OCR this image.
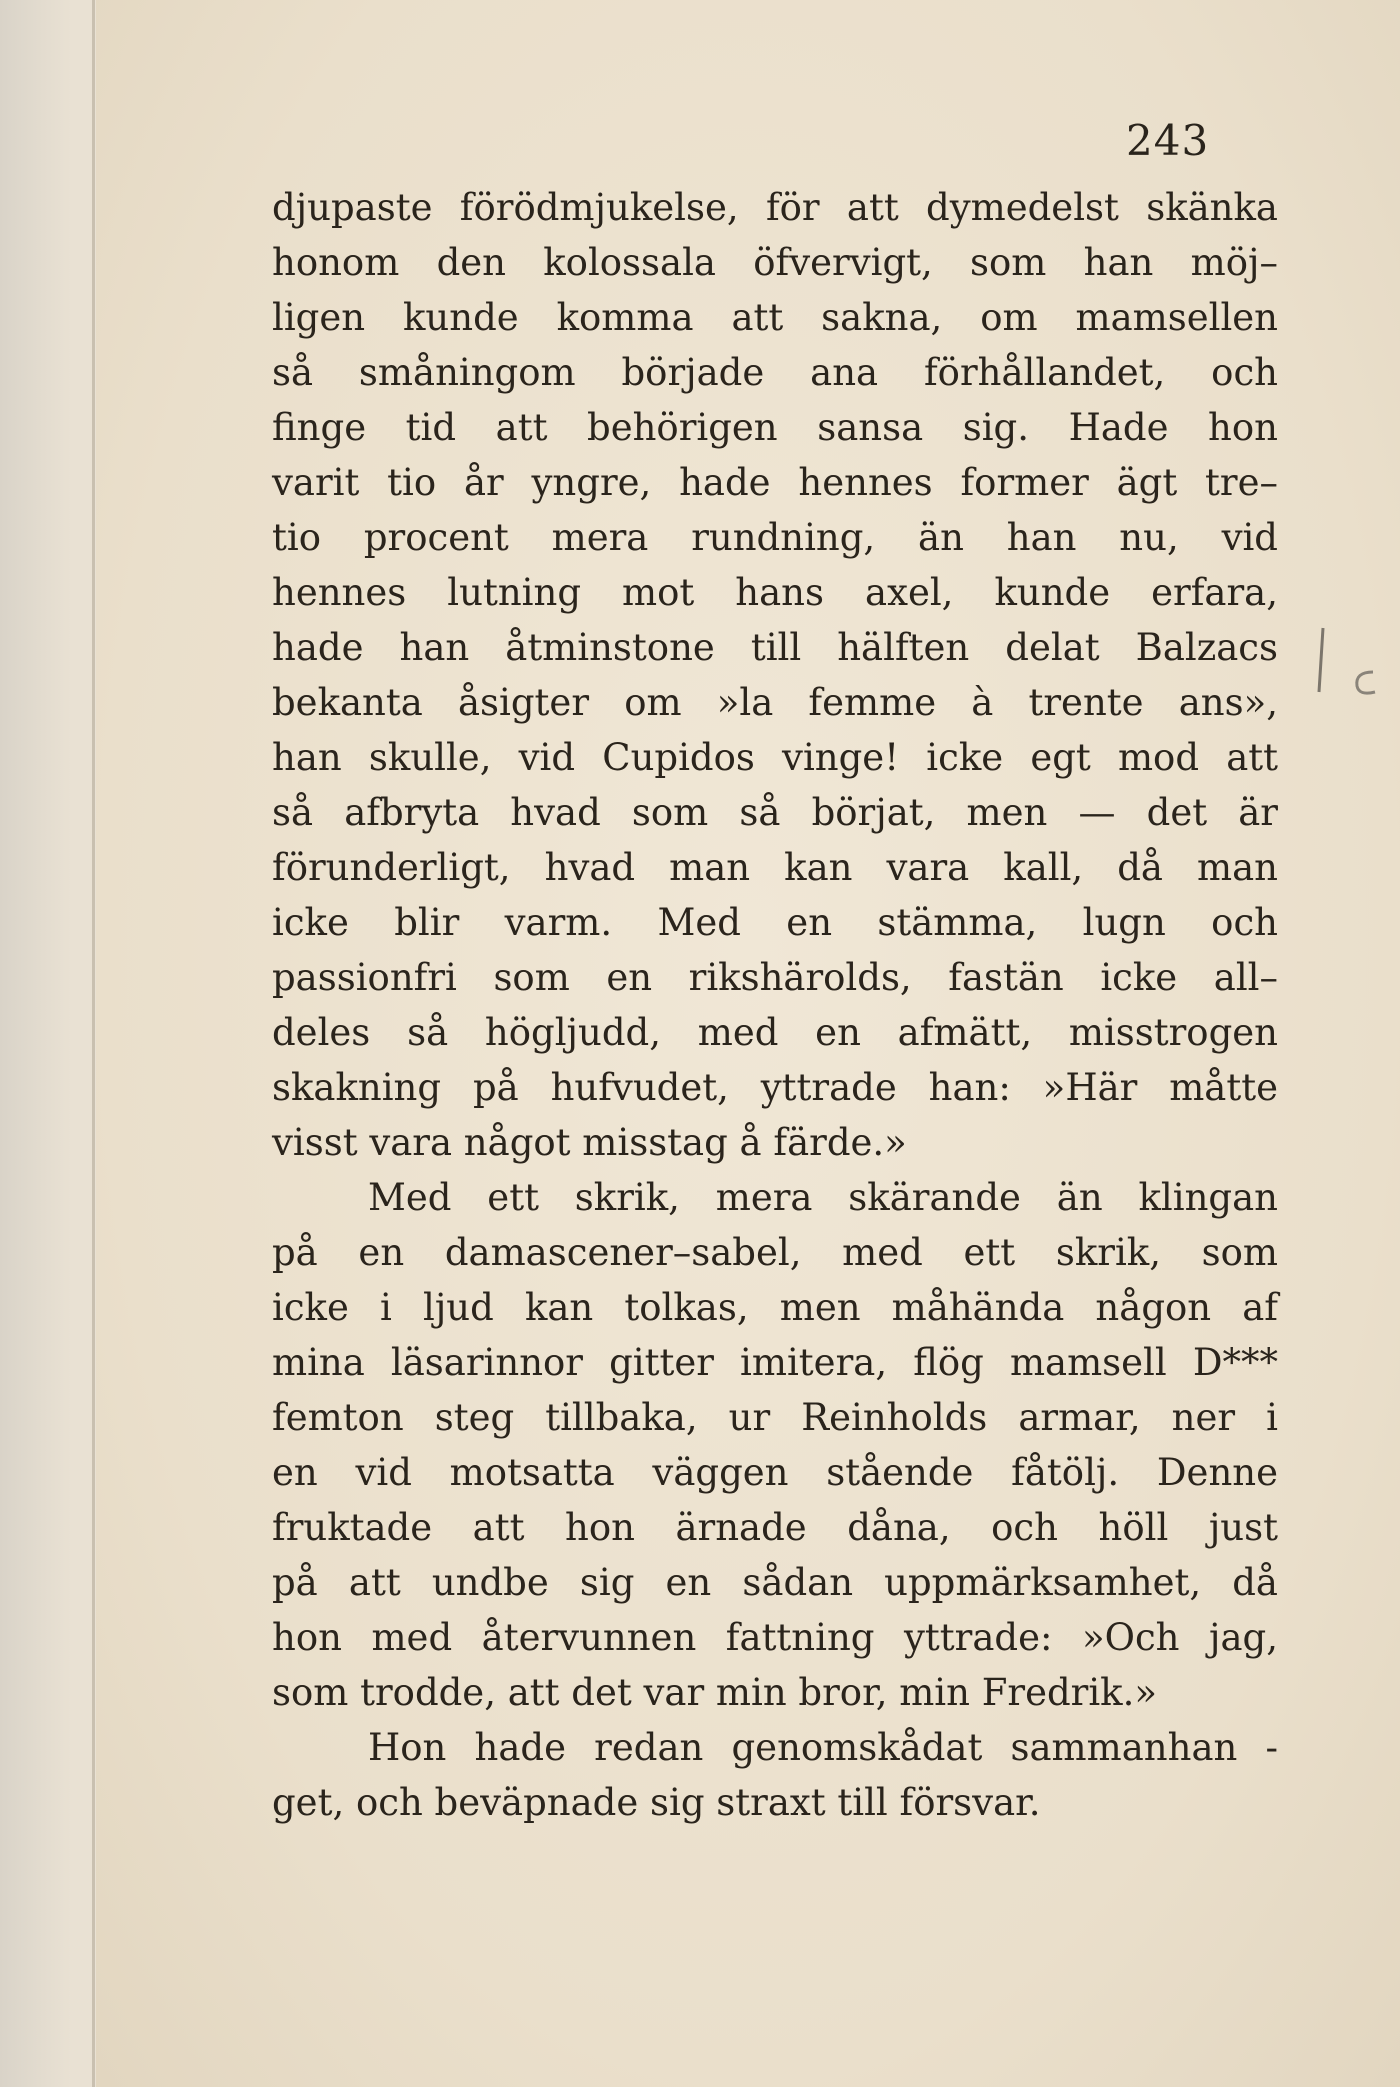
243
djupaste förödmjukelse, för att dymedelst skänka
honom den kolossala öfvervigt, som han möj–
ligen kunde komma att sakna, om mamsellen
så småningom började ana förhållandet, och
finge tid att behörigen sansa sig. Hade hon
varit tio år yngre, hade hennes former ägt tre–
tio procent mera rundning, än han nu, vid
hennes lutning mot hans axel, kunde erfara,
hade han åtminstone till hälften delat Balzacs
bekanta åsigter om »la femme à trente ans»,
han skulle, vid Cupidos vinge! icke egt mod att
så afbryta hvad som så börjat, men — det är
förunderligt, hvad man kan vara kall, då man
icke blir varm. Med en stämma, lugn och
passionfri som en rikshärolds, fastän icke all–
deles så högljudd, med en afmätt, misstrogen
skakning på hufvudet, yttrade han: »Här måtte
visst vara något misstag å färde.»
Med ett skrik, mera skärande än klingan
på en damascener–sabel, med ett skrik, som
icke i ljud kan tolkas, men måhända någon af
mina läsarinnor gitter imitera, flög mamsell D***
femton steg tillbaka, ur Reinholds armar, ner i
en vid motsatta väggen stående fåtölj. Denne
fruktade att hon ärnade dåna, och höll just
på att undbe sig en sådan uppmärksamhet, då
hon med återvunnen fattning yttrade: »Och jag,
som trodde, att det var min bror, min Fredrik.»
Hon hade redan genomskådat sammanhan -
get, och beväpnade sig straxt till försvar.
